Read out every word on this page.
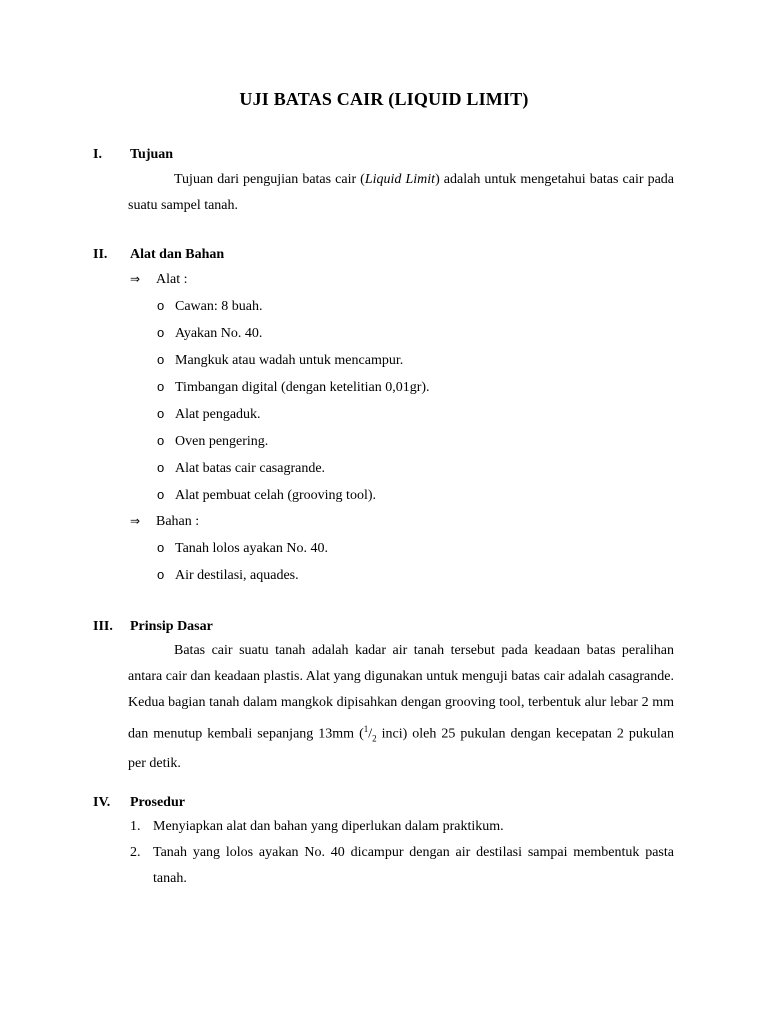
UJI BATAS CAIR (LIQUID LIMIT)
I. Tujuan
Tujuan dari pengujian batas cair (Liquid Limit) adalah untuk mengetahui batas cair pada suatu sampel tanah.
II. Alat dan Bahan
⇒ Alat :
o Cawan: 8 buah.
o Ayakan No. 40.
o Mangkuk atau wadah untuk mencampur.
o Timbangan digital (dengan ketelitian 0,01gr).
o Alat pengaduk.
o Oven pengering.
o Alat batas cair casagrande.
o Alat pembuat celah (grooving tool).
⇒ Bahan :
o Tanah lolos ayakan No. 40.
o Air destilasi, aquades.
III. Prinsip Dasar
Batas cair suatu tanah adalah kadar air tanah tersebut pada keadaan batas peralihan antara cair dan keadaan plastis. Alat yang digunakan untuk menguji batas cair adalah casagrande. Kedua bagian tanah dalam mangkok dipisahkan dengan grooving tool, terbentuk alur lebar 2 mm dan menutup kembali sepanjang 13mm ($^1/_2$ inci) oleh 25 pukulan dengan kecepatan 2 pukulan per detik.
IV. Prosedur
1. Menyiapkan alat dan bahan yang diperlukan dalam praktikum.
2. Tanah yang lolos ayakan No. 40 dicampur dengan air destilasi sampai membentuk pasta tanah.
